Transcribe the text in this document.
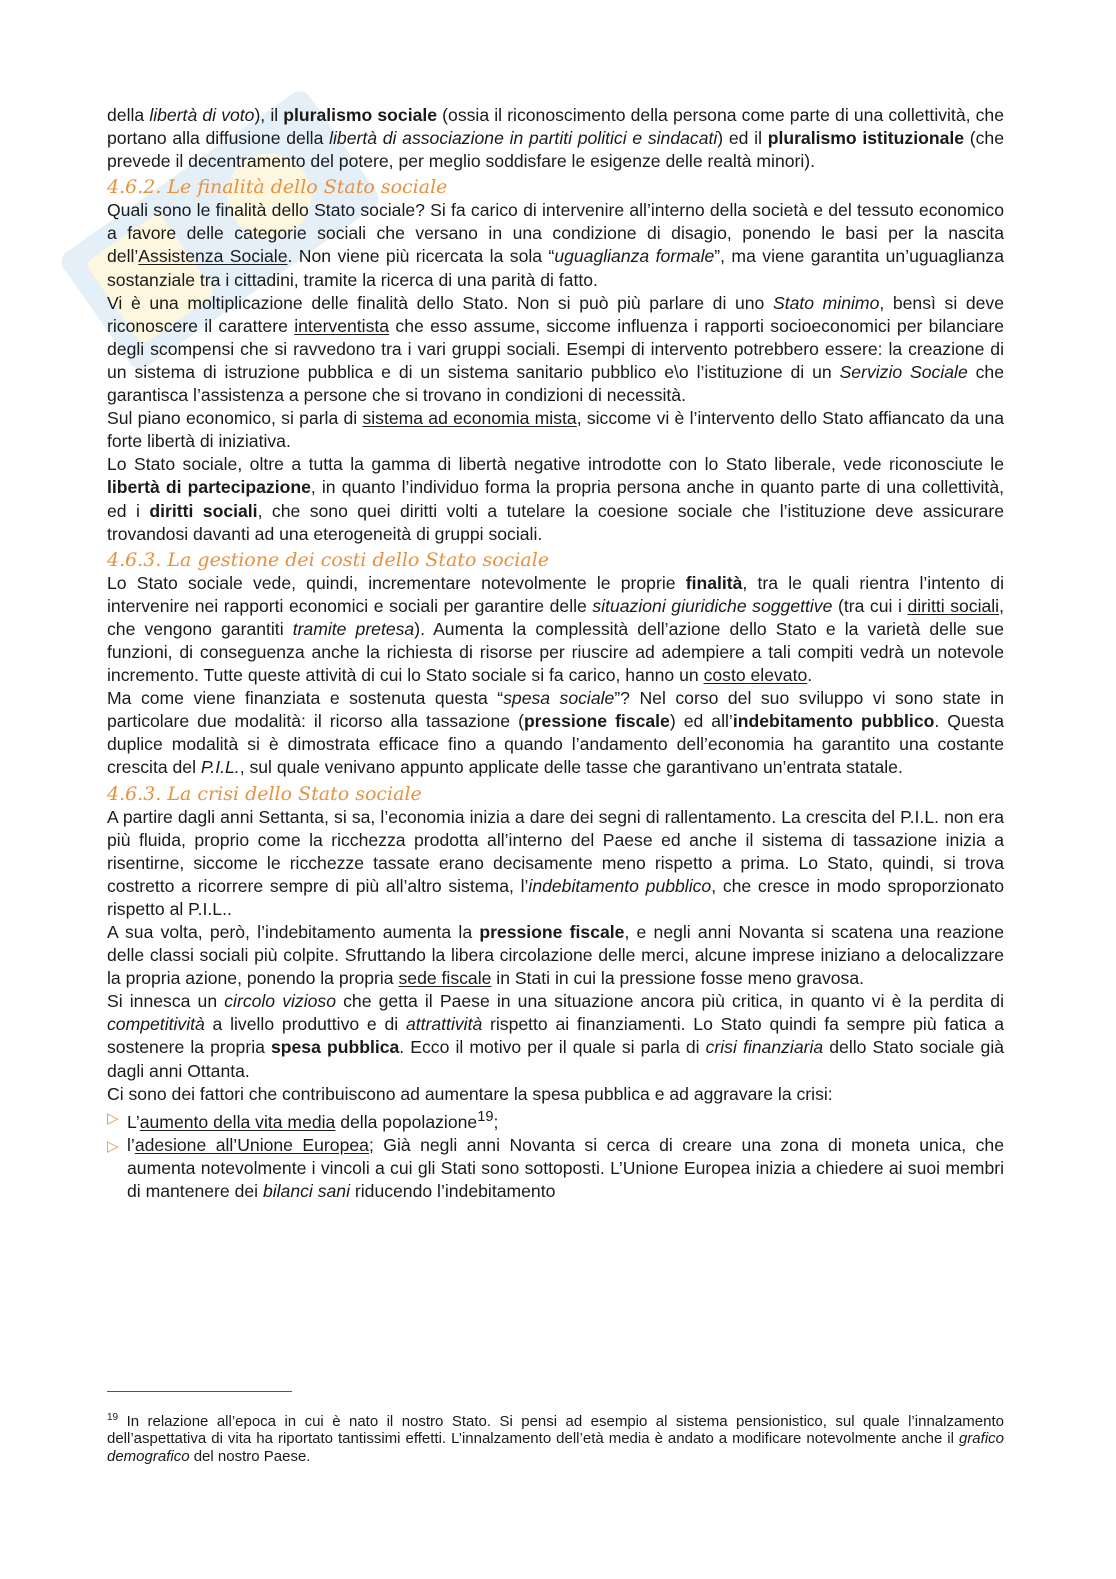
della libertà di voto), il pluralismo sociale (ossia il riconoscimento della persona come parte di una collettività, che portano alla diffusione della libertà di associazione in partiti politici e sindacati) ed il pluralismo istituzionale (che prevede il decentramento del potere, per meglio soddisfare le esigenze delle realtà minori).

4.6.2. Le finalità dello Stato sociale

Quali sono le finalità dello Stato sociale? Si fa carico di intervenire all’interno della società e del tessuto economico a favore delle categorie sociali che versano in una condizione di disagio, ponendo le basi per la nascita dell’Assistenza Sociale. Non viene più ricercata la sola “uguaglianza formale”, ma viene garantita un’uguaglianza sostanziale tra i cittadini, tramite la ricerca di una parità di fatto.

Vi è una moltiplicazione delle finalità dello Stato. Non si può più parlare di uno Stato minimo, bensì si deve riconoscere il carattere interventista che esso assume, siccome influenza i rapporti socioeconomici per bilanciare degli scompensi che si ravvedono tra i vari gruppi sociali. Esempi di intervento potrebbero essere: la creazione di un sistema di istruzione pubblica e di un sistema sanitario pubblico e\o l’istituzione di un Servizio Sociale che garantisca l’assistenza a persone che si trovano in condizioni di necessità.

Sul piano economico, si parla di sistema ad economia mista, siccome vi è l’intervento dello Stato affiancato da una forte libertà di iniziativa.

Lo Stato sociale, oltre a tutta la gamma di libertà negative introdotte con lo Stato liberale, vede riconosciute le libertà di partecipazione, in quanto l’individuo forma la propria persona anche in quanto parte di una collettività, ed i diritti sociali, che sono quei diritti volti a tutelare la coesione sociale che l’istituzione deve assicurare trovandosi davanti ad una eterogeneità di gruppi sociali.

4.6.3. La gestione dei costi dello Stato sociale

Lo Stato sociale vede, quindi, incrementare notevolmente le proprie finalità, tra le quali rientra l’intento di intervenire nei rapporti economici e sociali per garantire delle situazioni giuridiche soggettive (tra cui i diritti sociali, che vengono garantiti tramite pretesa). Aumenta la complessità dell’azione dello Stato e la varietà delle sue funzioni, di conseguenza anche la richiesta di risorse per riuscire ad adempiere a tali compiti vedrà un notevole incremento. Tutte queste attività di cui lo Stato sociale si fa carico, hanno un costo elevato.

Ma come viene finanziata e sostenuta questa “spesa sociale”? Nel corso del suo sviluppo vi sono state in particolare due modalità: il ricorso alla tassazione (pressione fiscale) ed all’indebitamento pubblico. Questa duplice modalità si è dimostrata efficace fino a quando l’andamento dell’economia ha garantito una costante crescita del P.I.L., sul quale venivano appunto applicate delle tasse che garantivano un’entrata statale.

4.6.3. La crisi dello Stato sociale

A partire dagli anni Settanta, si sa, l’economia inizia a dare dei segni di rallentamento. La crescita del P.I.L. non era più fluida, proprio come la ricchezza prodotta all’interno del Paese ed anche il sistema di tassazione inizia a risentirne, siccome le ricchezze tassate erano decisamente meno rispetto a prima. Lo Stato, quindi, si trova costretto a ricorrere sempre di più all’altro sistema, l’indebitamento pubblico, che cresce in modo sproporzionato rispetto al P.I.L..

A sua volta, però, l’indebitamento aumenta la pressione fiscale, e negli anni Novanta si scatena una reazione delle classi sociali più colpite. Sfruttando la libera circolazione delle merci, alcune imprese iniziano a delocalizzare la propria azione, ponendo la propria sede fiscale in Stati in cui la pressione fosse meno gravosa.

Si innesca un circolo vizioso che getta il Paese in una situazione ancora più critica, in quanto vi è la perdita di competitività a livello produttivo e di attrattività rispetto ai finanziamenti. Lo Stato quindi fa sempre più fatica a sostenere la propria spesa pubblica. Ecco il motivo per il quale si parla di crisi finanziaria dello Stato sociale già dagli anni Ottanta.

Ci sono dei fattori che contribuiscono ad aumentare la spesa pubblica e ad aggravare la crisi:

▷ L’aumento della vita media della popolazione$^{19}$;
▷ l’adesione all’Unione Europea; Già negli anni Novanta si cerca di creare una zona di moneta unica, che aumenta notevolmente i vincoli a cui gli Stati sono sottoposti. L’Unione Europea inizia a chiedere ai suoi membri di mantenere dei bilanci sani riducendo l’indebitamento
$^{19}$ In relazione all’epoca in cui è nato il nostro Stato. Si pensi ad esempio al sistema pensionistico, sul quale l’innalzamento dell’aspettativa di vita ha riportato tantissimi effetti. L’innalzamento dell’età media è andato a modificare notevolmente anche il grafico demografico del nostro Paese.
